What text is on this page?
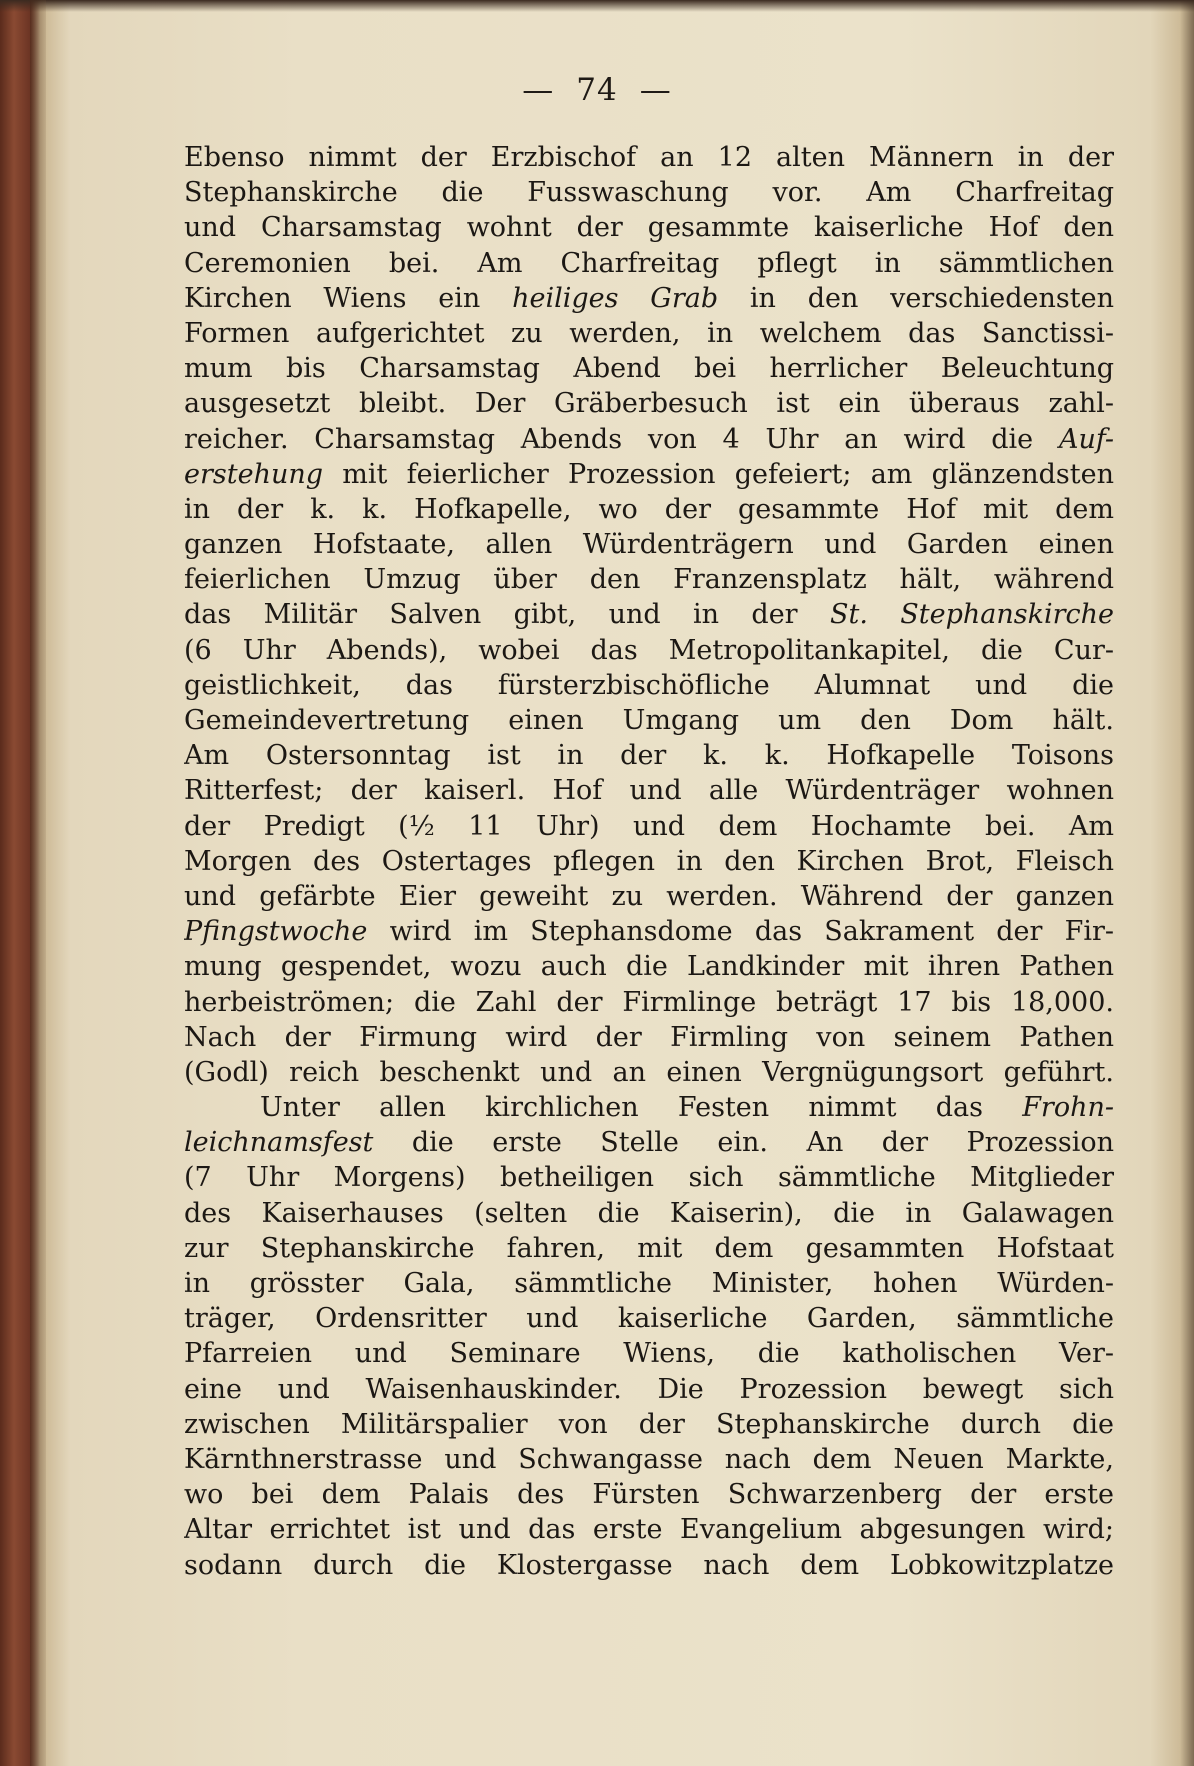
— 74 —
Ebenso nimmt der Erzbischof an 12 alten Männern in der
Stephanskirche die Fusswaschung vor. Am Charfreitag
und Charsamstag wohnt der gesammte kaiserliche Hof den
Ceremonien bei. Am Charfreitag pflegt in sämmtlichen
Kirchen Wiens ein heiliges Grab in den verschiedensten
Formen aufgerichtet zu werden, in welchem das Sanctissi-
mum bis Charsamstag Abend bei herrlicher Beleuchtung
ausgesetzt bleibt. Der Gräberbesuch ist ein überaus zahl-
reicher. Charsamstag Abends von 4 Uhr an wird die Auf-
erstehung mit feierlicher Prozession gefeiert; am glänzendsten
in der k. k. Hofkapelle, wo der gesammte Hof mit dem
ganzen Hofstaate, allen Würdenträgern und Garden einen
feierlichen Umzug über den Franzensplatz hält, während
das Militär Salven gibt, und in der St. Stephanskirche
(6 Uhr Abends), wobei das Metropolitankapitel, die Cur-
geistlichkeit, das fürsterzbischöfliche Alumnat und die
Gemeindevertretung einen Umgang um den Dom hält.
Am Ostersonntag ist in der k. k. Hofkapelle Toisons
Ritterfest; der kaiserl. Hof und alle Würdenträger wohnen
der Predigt (½ 11 Uhr) und dem Hochamte bei. Am
Morgen des Ostertages pflegen in den Kirchen Brot, Fleisch
und gefärbte Eier geweiht zu werden. Während der ganzen
Pfingstwoche wird im Stephansdome das Sakrament der Fir-
mung gespendet, wozu auch die Landkinder mit ihren Pathen
herbeiströmen; die Zahl der Firmlinge beträgt 17 bis 18,000.
Nach der Firmung wird der Firmling von seinem Pathen
(Godl) reich beschenkt und an einen Vergnügungsort geführt.
Unter allen kirchlichen Festen nimmt das Frohn-
leichnamsfest die erste Stelle ein. An der Prozession
(7 Uhr Morgens) betheiligen sich sämmtliche Mitglieder
des Kaiserhauses (selten die Kaiserin), die in Galawagen
zur Stephanskirche fahren, mit dem gesammten Hofstaat
in grösster Gala, sämmtliche Minister, hohen Würden-
träger, Ordensritter und kaiserliche Garden, sämmtliche
Pfarreien und Seminare Wiens, die katholischen Ver-
eine und Waisenhauskinder. Die Prozession bewegt sich
zwischen Militärspalier von der Stephanskirche durch die
Kärnthnerstrasse und Schwangasse nach dem Neuen Markte,
wo bei dem Palais des Fürsten Schwarzenberg der erste
Altar errichtet ist und das erste Evangelium abgesungen wird;
sodann durch die Klostergasse nach dem Lobkowitzplatze
